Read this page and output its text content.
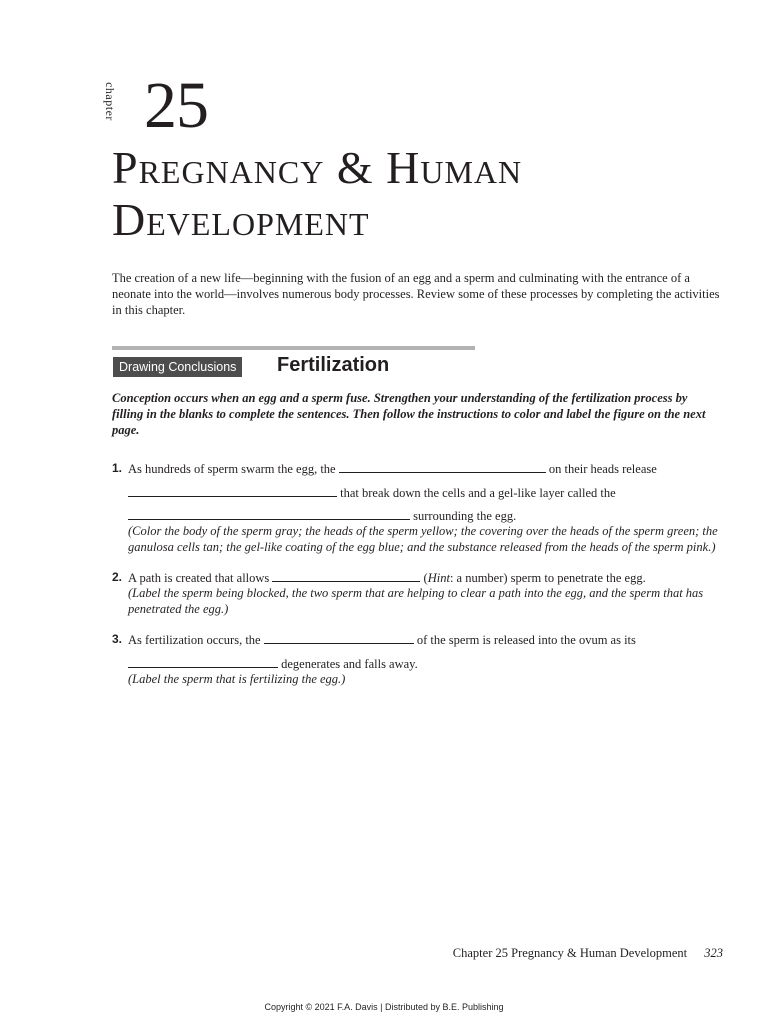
chapter 25
Pregnancy & Human
Development
The creation of a new life—beginning with the fusion of an egg and a sperm and culminating with the entrance of a neonate into the world—involves numerous body processes. Review some of these processes by completing the activities in this chapter.
Drawing Conclusions	Fertilization
Conception occurs when an egg and a sperm fuse. Strengthen your understanding of the fertilization process by filling in the blanks to complete the sentences. Then follow the instructions to color and label the figure on the next page.
1. As hundreds of sperm swarm the egg, the	on their heads release
that break down the cells and a gel-like layer called the
surrounding the egg.
(Color the body of the sperm gray; the heads of the sperm yellow; the covering over the heads of the sperm green; the ganulosa cells tan; the gel-like coating of the egg blue; and the substance released from the heads of the sperm pink.)
2. A path is created that allows	(Hint: a number) sperm to penetrate the egg.
(Label the sperm being blocked, the two sperm that are helping to clear a path into the egg, and the sperm that has penetrated the egg.)
3. As fertilization occurs, the	of the sperm is released into the ovum as its
degenerates and falls away.
(Label the sperm that is fertilizing the egg.)
Chapter 25 Pregnancy & Human Development 323
Copyright © 2021 F.A. Davis | Distributed by B.E. Publishing
